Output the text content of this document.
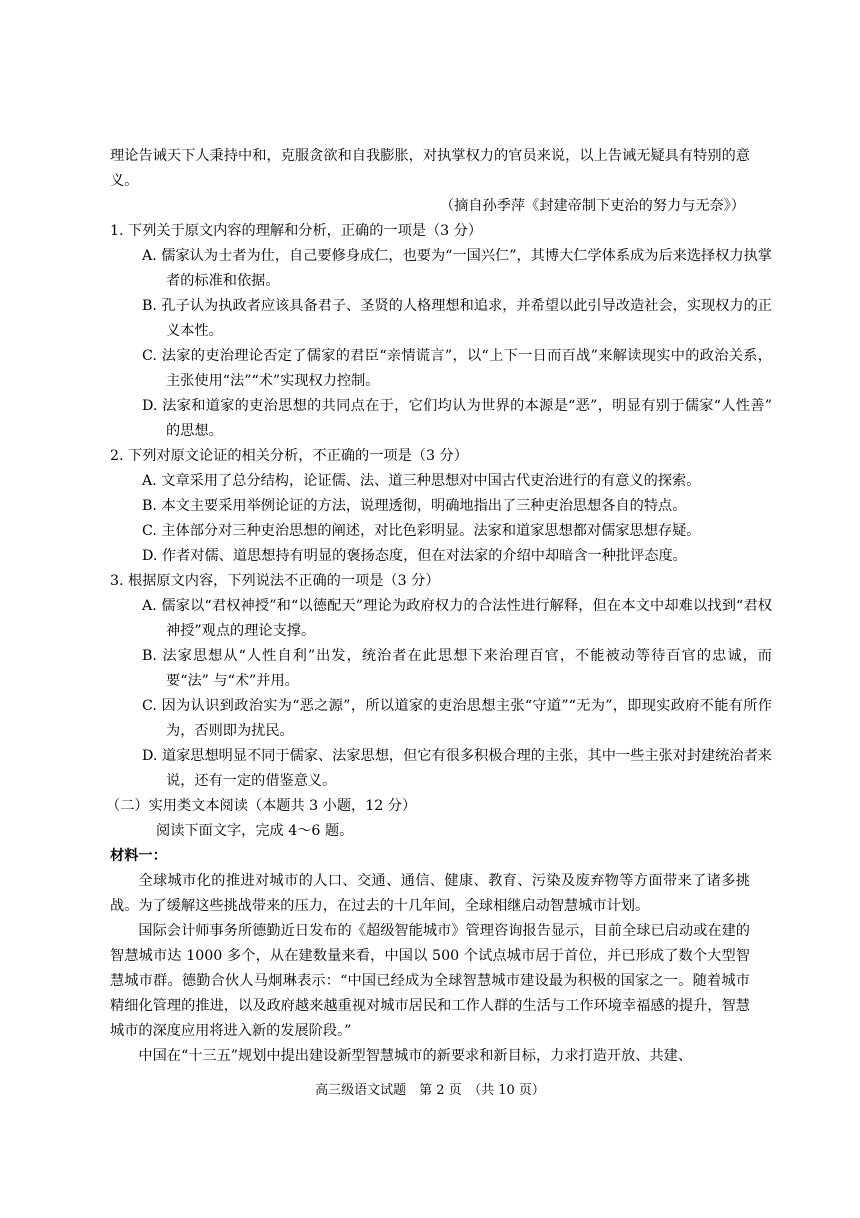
理论告诫天下人秉持中和，克服贪欲和自我膨胀，对执掌权力的官员来说，以上告诫无疑具有特别的意义。

（摘自孙季萍《封建帝制下吏治的努力与无奈》）
1. 下列关于原文内容的理解和分析，正确的一项是（3 分）
A. 儒家认为士者为仕，自己要修身成仁，也要为“一国兴仁”，其博大仁学体系成为后来选择权力执掌者的标准和依据。
B. 孔子认为执政者应该具备君子、圣贤的人格理想和追求，并希望以此引导改造社会，实现权力的正义本性。
C. 法家的吏治理论否定了儒家的君臣“亲情谎言”，以“上下一日而百战”来解读现实中的政治关系，主张使用“法”“术”实现权力控制。
D. 法家和道家的吏治思想的共同点在于，它们均认为世界的本源是“恶”，明显有别于儒家“人性善” 的思想。
2. 下列对原文论证的相关分析，不正确的一项是（3 分）
A. 文章采用了总分结构，论证儒、法、道三种思想对中国古代吏治进行的有意义的探索。
B. 本文主要采用举例论证的方法，说理透彻，明确地指出了三种吏治思想各自的特点。
C. 主体部分对三种吏治思想的阐述，对比色彩明显。法家和道家思想都对儒家思想存疑。
D. 作者对儒、道思想持有明显的褒扬态度，但在对法家的介绍中却暗含一种批评态度。
3. 根据原文内容，下列说法不正确的一项是（3 分）
A. 儒家以“君权神授”和“以德配天”理论为政府权力的合法性进行解释，但在本文中却难以找到“君权神授”观点的理论支撑。
B. 法家思想从“人性自利”出发，统治者在此思想下来治理百官，不能被动等待百官的忠诚，而要“法” 与“术”并用。
C. 因为认识到政治实为“恶之源”，所以道家的吏治思想主张“守道”“无为”，即现实政府不能有所作为，否则即为扰民。
D. 道家思想明显不同于儒家、法家思想，但它有很多积极合理的主张，其中一些主张对封建统治者来说，还有一定的借鉴意义。
（二）实用类文本阅读（本题共 3 小题，12 分）
阅读下面文字，完成 4～6 题。
材料一：

全球城市化的推进对城市的人口、交通、通信、健康、教育、污染及废弃物等方面带来了诸多挑战。为了缓解这些挑战带来的压力，在过去的十几年间，全球相继启动智慧城市计划。

国际会计师事务所德勤近日发布的《超级智能城市》管理咨询报告显示，目前全球已启动或在建的智慧城市达 1000 多个，从在建数量来看，中国以 500 个试点城市居于首位，并已形成了数个大型智慧城市群。德勤合伙人马炯琳表示：“中国已经成为全球智慧城市建设最为积极的国家之一。随着城市精细化管理的推进，以及政府越来越重视对城市居民和工作人群的生活与工作环境幸福感的提升，智慧城市的深度应用将进入新的发展阶段。”

中国在“十三五”规划中提出建设新型智慧城市的新要求和新目标，力求打造开放、共建、

高三级语文试题　第 2 页　（共 10 页）
